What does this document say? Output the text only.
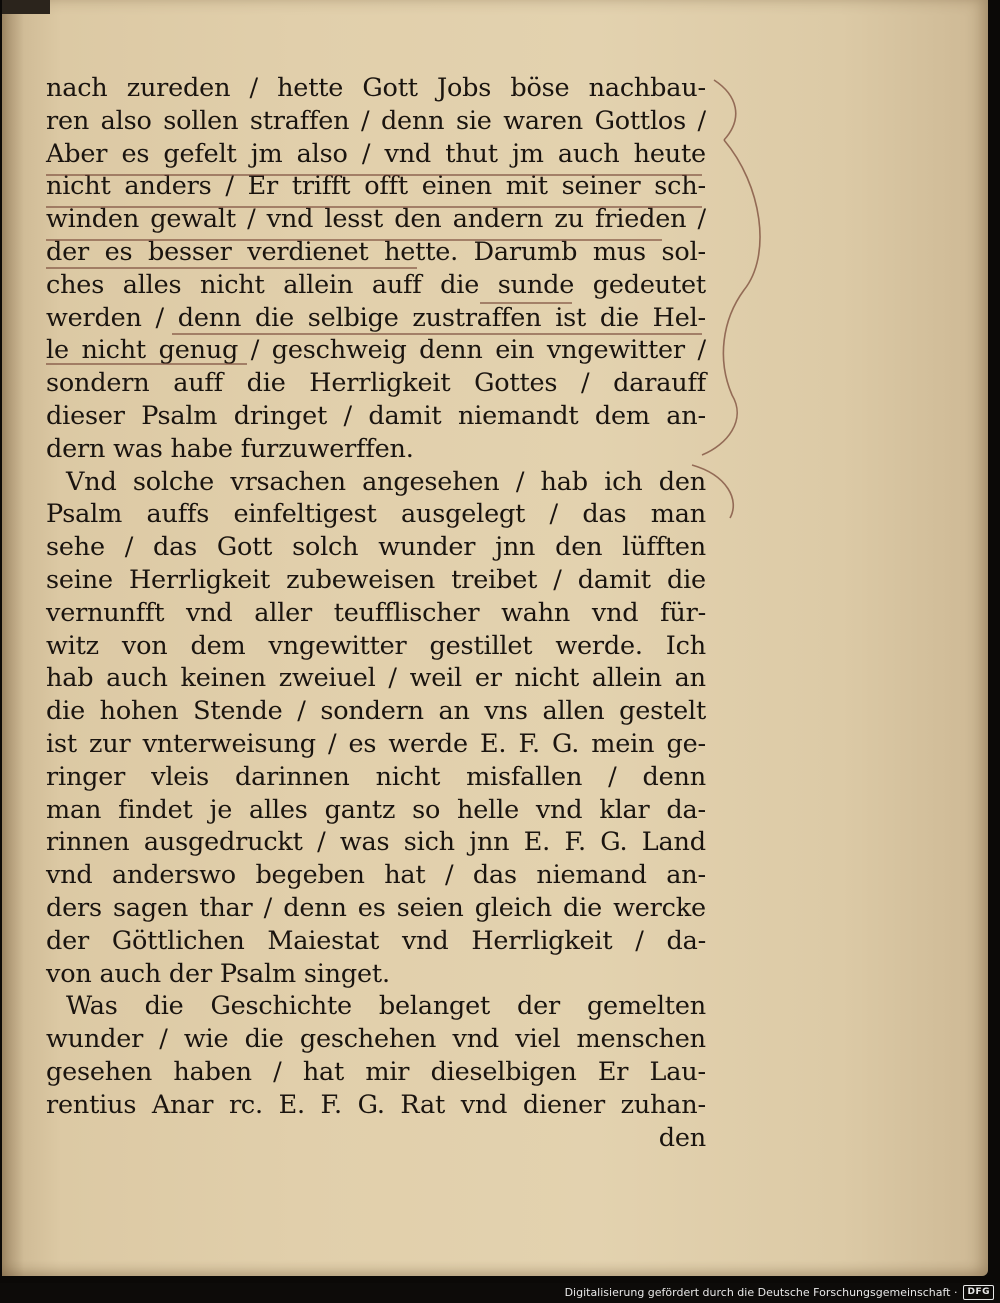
nach zureden / hette Gott Jobs böse nachbau-
ren also sollen straffen / denn sie waren Gottlos /
Aber es gefelt jm also / vnd thut jm auch heute
nicht anders / Er trifft offt einen mit seiner sch-
winden gewalt / vnd lesst den andern zu frieden /
der es besser verdienet hette. Darumb mus sol-
ches alles nicht allein auff die sunde gedeutet
werden / denn die selbige zustraffen ist die Hel-
le nicht genug / geschweig denn ein vngewitter /
sondern auff die Herrligkeit Gottes / darauff
dieser Psalm dringet / damit niemandt dem an-
dern was habe furzuwerffen.
Vnd solche vrsachen angesehen / hab ich den
Psalm auffs einfeltigest ausgelegt / das man
sehe / das Gott solch wunder jnn den lüfften
seine Herrligkeit zubeweisen treibet / damit die
vernunfft vnd aller teufflischer wahn vnd für-
witz von dem vngewitter gestillet werde. Ich
hab auch keinen zweiuel / weil er nicht allein an
die hohen Stende / sondern an vns allen gestelt
ist zur vnterweisung / es werde E. F. G. mein ge-
ringer vleis darinnen nicht misfallen / denn
man findet je alles gantz so helle vnd klar da-
rinnen ausgedruckt / was sich jnn E. F. G. Land
vnd anderswo begeben hat / das niemand an-
ders sagen thar / denn es seien gleich die wercke
der Göttlichen Maiestat vnd Herrligkeit / da-
von auch der Psalm singet.
Was die Geschichte belanget der gemelten
wunder / wie die geschehen vnd viel menschen
gesehen haben / hat mir dieselbigen Er Lau-
rentius Anar rc. E. F. G. Rat vnd diener zuhan-
den
Digitalisierung gefördert durch die Deutsche Forschungsgemeinschaft ·	DFG
